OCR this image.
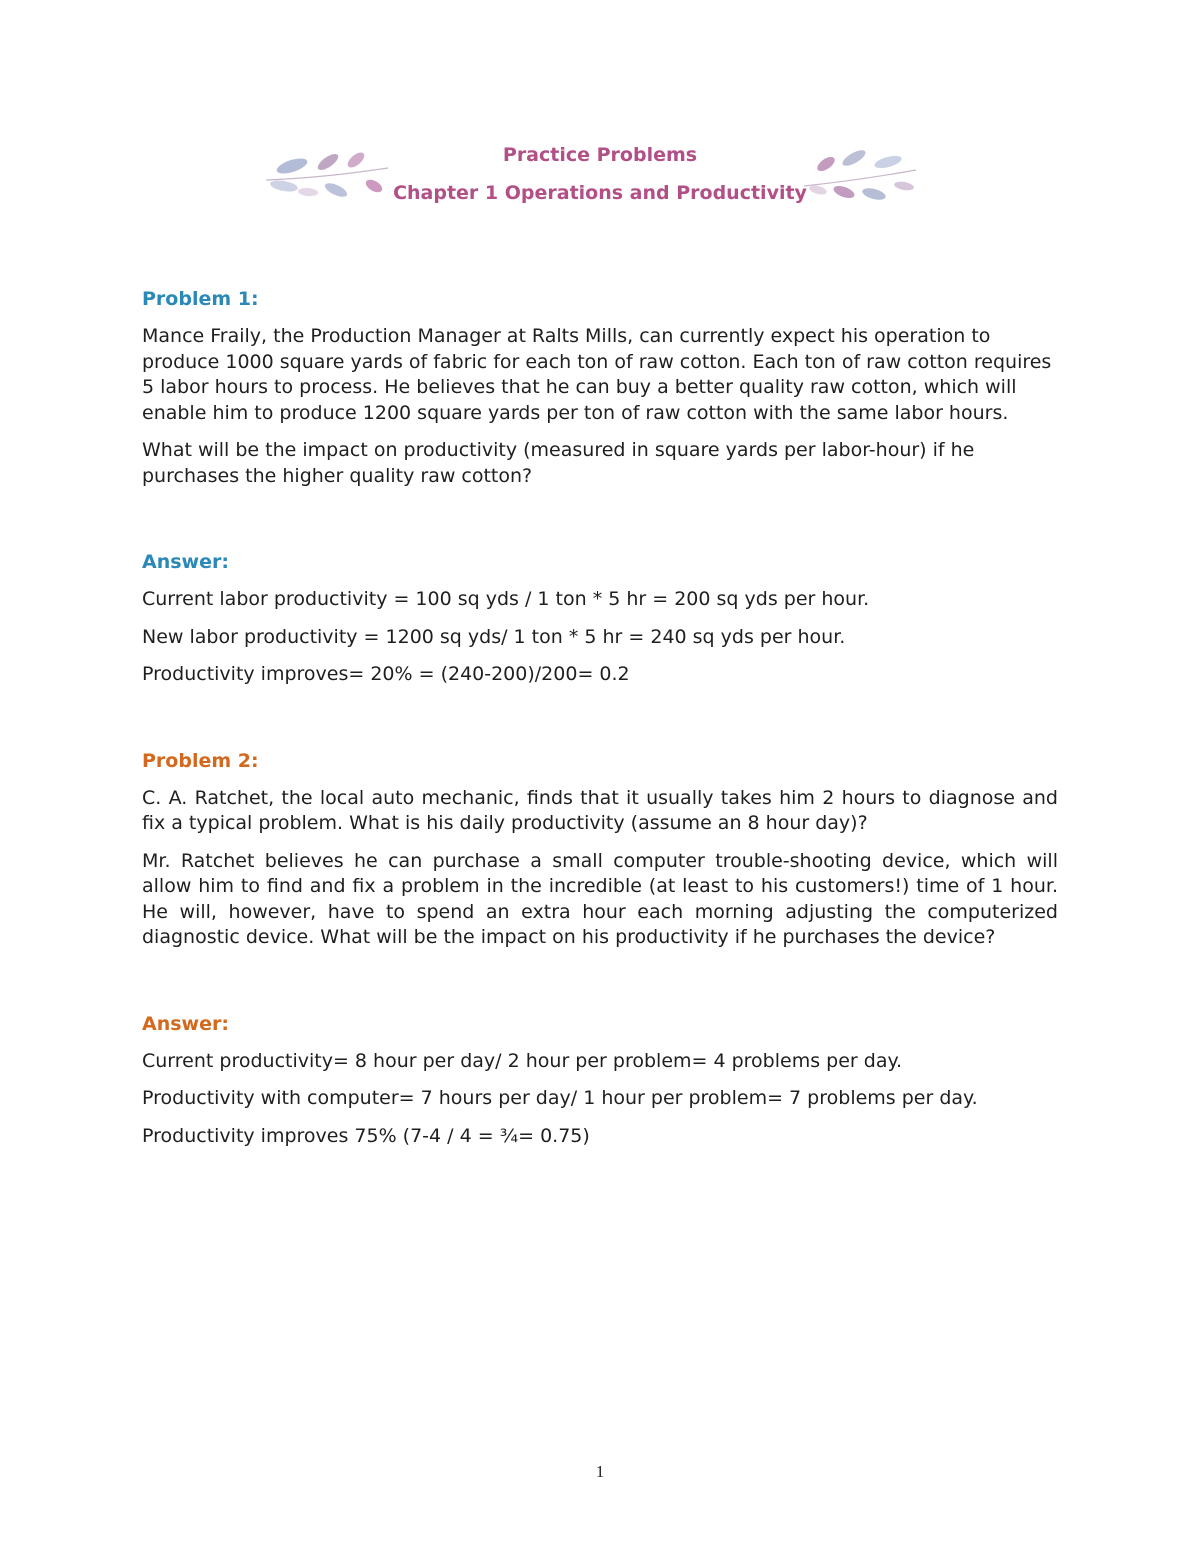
Practice Problems
Chapter 1 Operations and Productivity
Problem 1:

Mance Fraily, the Production Manager at Ralts Mills, can currently expect his operation to produce 1000 square yards of fabric for each ton of raw cotton. Each ton of raw cotton requires 5 labor hours to process. He believes that he can buy a better quality raw cotton, which will enable him to produce 1200 square yards per ton of raw cotton with the same labor hours.

What will be the impact on productivity (measured in square yards per labor-hour) if he purchases the higher quality raw cotton?

Answer:
Current labor productivity = 100 sq yds / 1 ton * 5 hr = 200 sq yds per hour.
New labor productivity = 1200 sq yds/ 1 ton * 5 hr = 240 sq yds per hour.
Productivity improves= 20% = (240-200)/200= 0.2
Problem 2:

C. A. Ratchet, the local auto mechanic, finds that it usually takes him 2 hours to diagnose and fix a typical problem. What is his daily productivity (assume an 8 hour day)?

Mr. Ratchet believes he can purchase a small computer trouble-shooting device, which will allow him to find and fix a problem in the incredible (at least to his customers!) time of 1 hour. He will, however, have to spend an extra hour each morning adjusting the computerized diagnostic device. What will be the impact on his productivity if he purchases the device?

Answer:
Current productivity= 8 hour per day/ 2 hour per problem= 4 problems per day.
Productivity with computer= 7 hours per day/ 1 hour per problem= 7 problems per day.
Productivity improves 75% (7-4 / 4 = ¾= 0.75)
1
